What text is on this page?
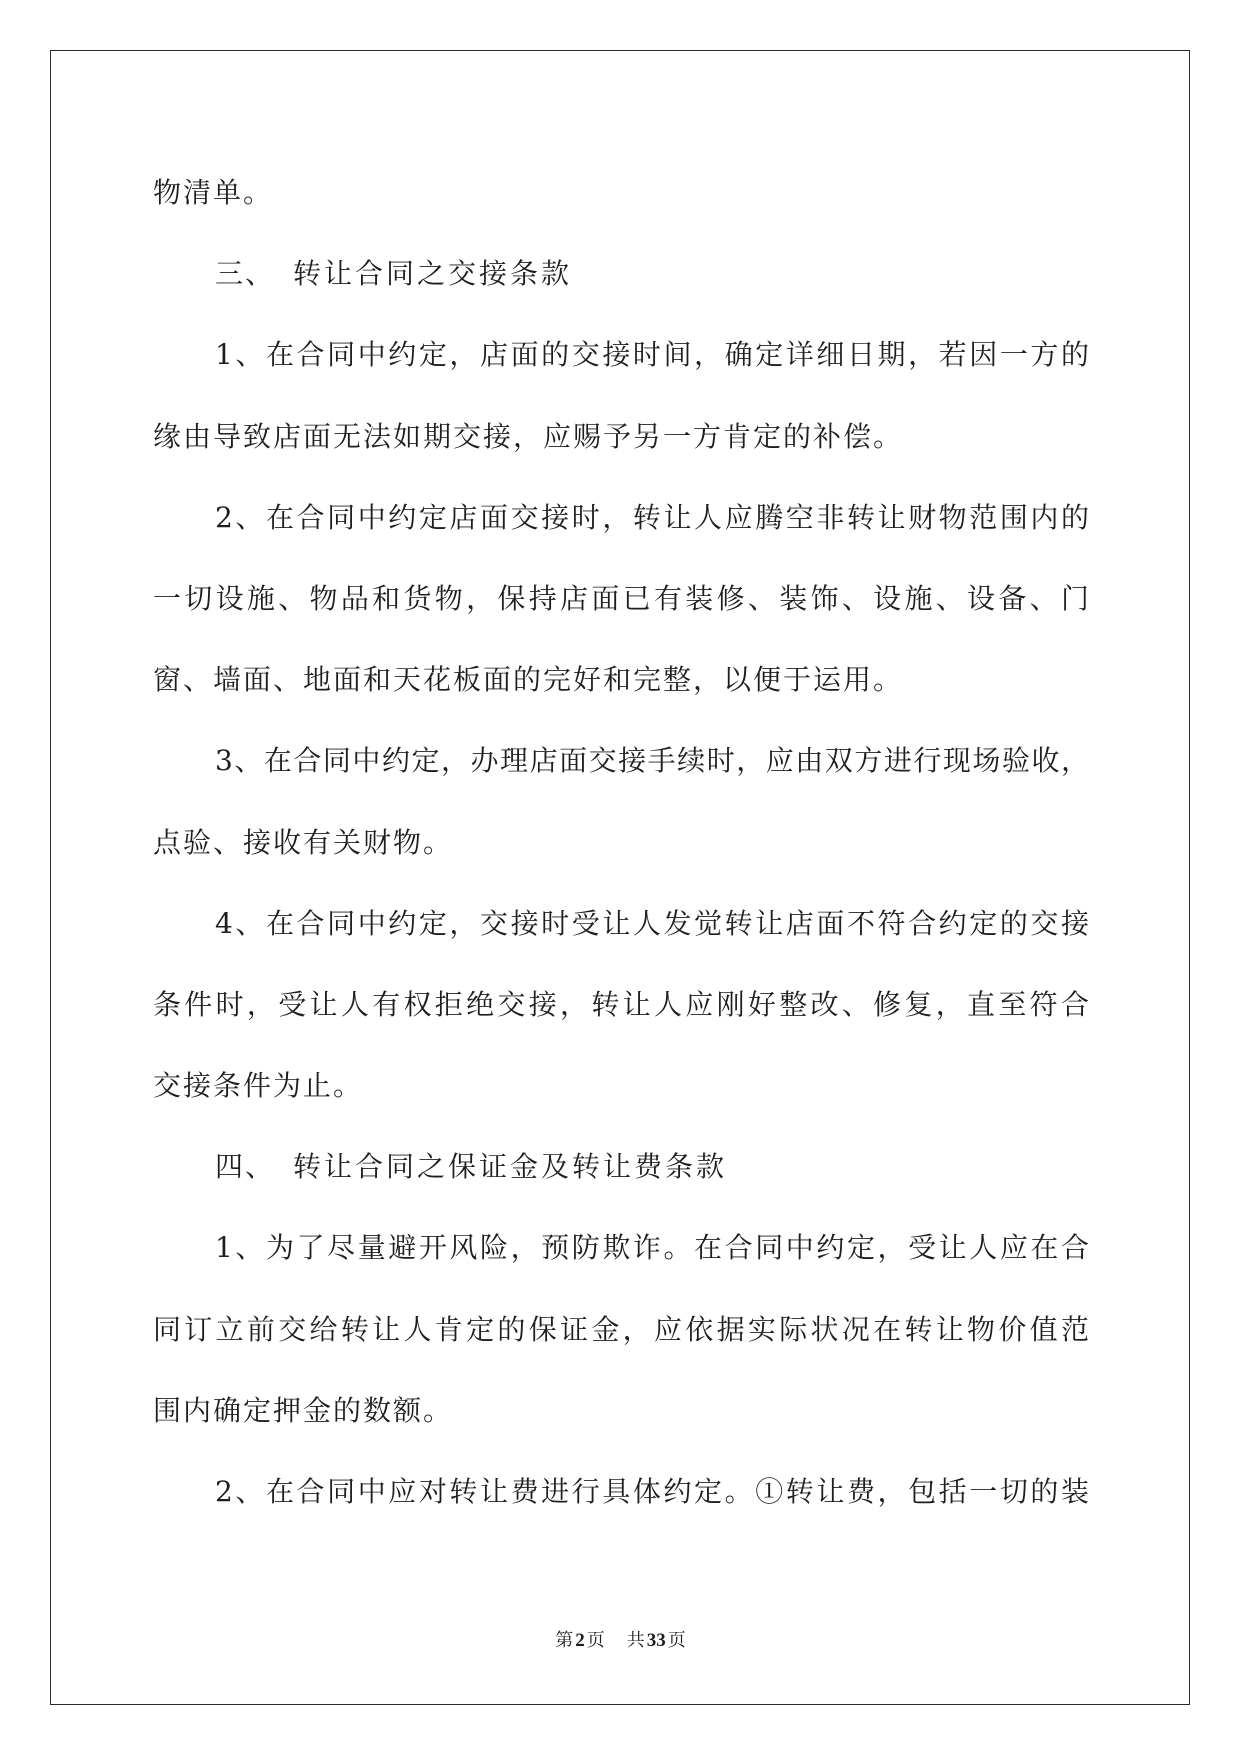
物清单。
三、 转让合同之交接条款
1、在合同中约定，店面的交接时间，确定详细日期，若因一方的
缘由导致店面无法如期交接，应赐予另一方肯定的补偿。
2、在合同中约定店面交接时，转让人应腾空非转让财物范围内的
一切设施、物品和货物，保持店面已有装修、装饰、设施、设备、门
窗、墙面、地面和天花板面的完好和完整，以便于运用。
3、在合同中约定，办理店面交接手续时，应由双方进行现场验收，
点验、接收有关财物。
4、在合同中约定，交接时受让人发觉转让店面不符合约定的交接
条件时，受让人有权拒绝交接，转让人应刚好整改、修复，直至符合
交接条件为止。
四、 转让合同之保证金及转让费条款
1、为了尽量避开风险，预防欺诈。在合同中约定，受让人应在合
同订立前交给转让人肯定的保证金，应依据实际状况在转让物价值范
围内确定押金的数额。
2、在合同中应对转让费进行具体约定。①转让费，包括一切的装
第 2 页 共 33 页
